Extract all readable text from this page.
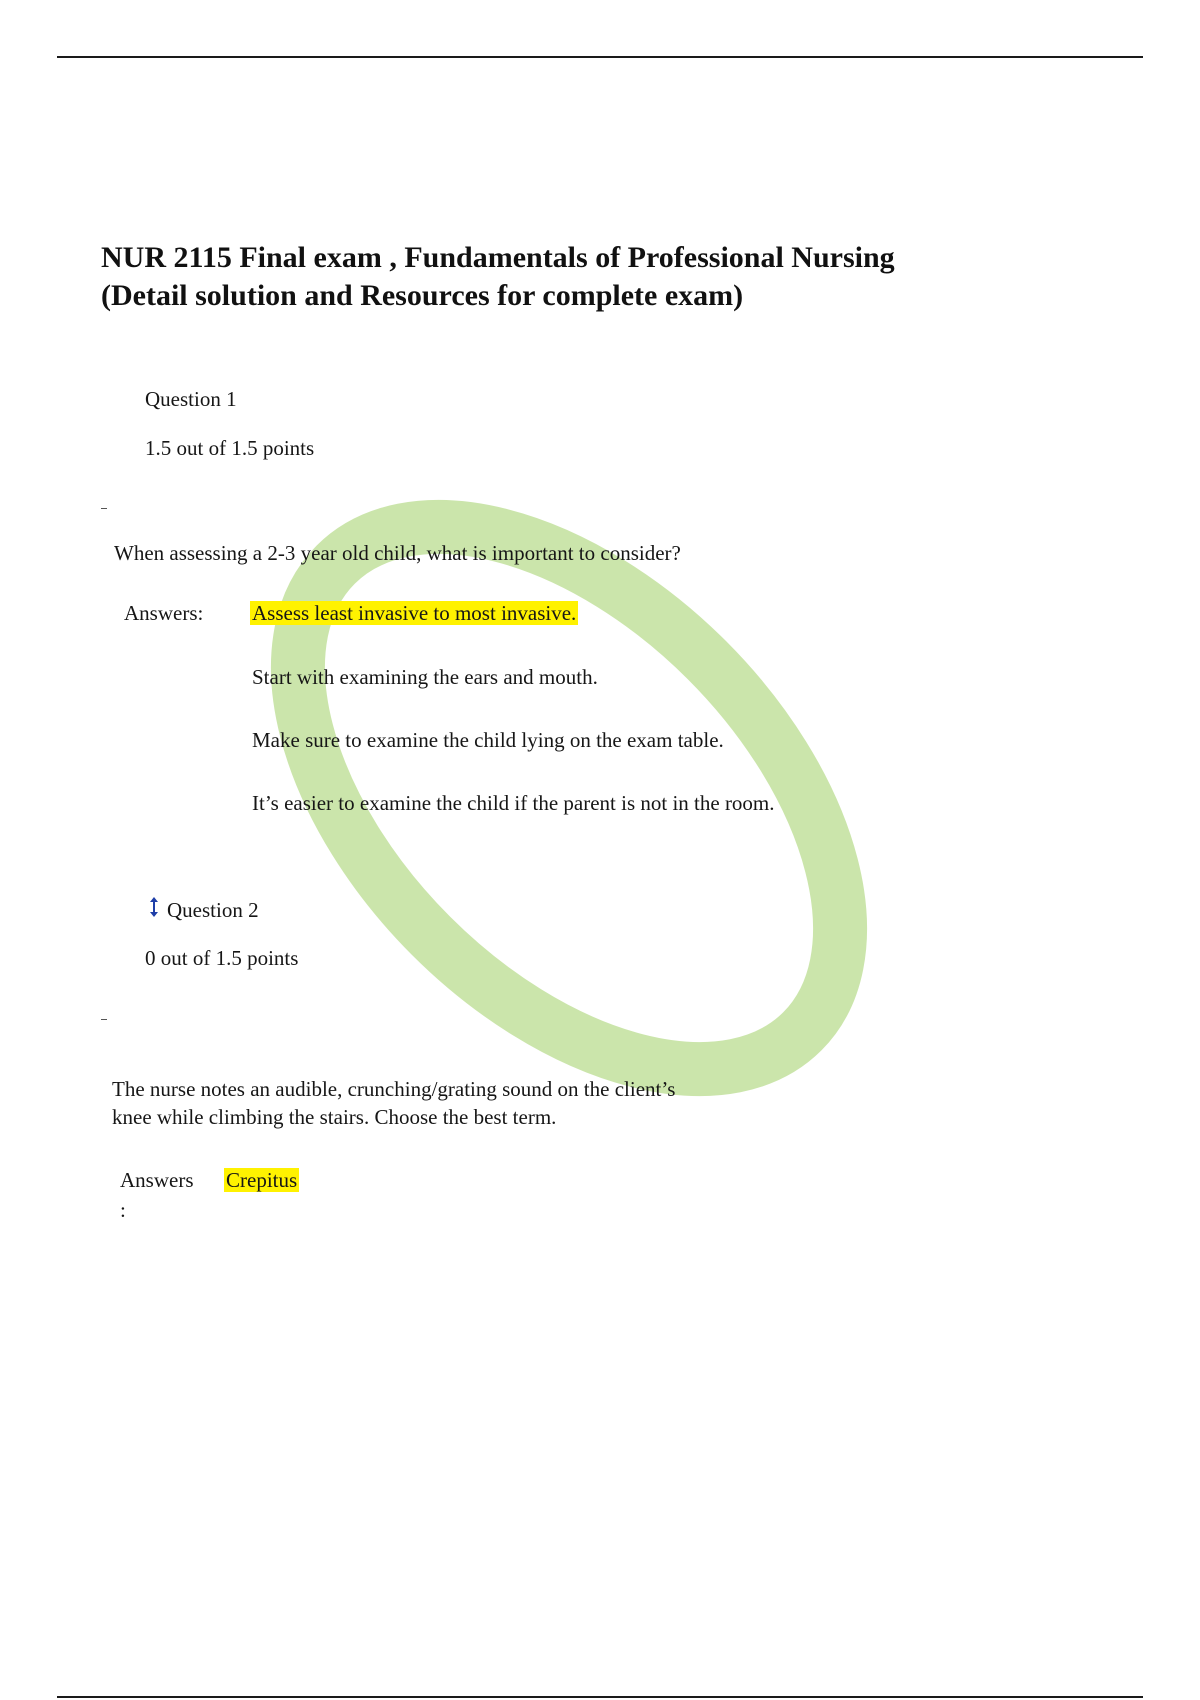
NUR 2115 Final exam , Fundamentals of Professional Nursing
(Detail solution and Resources for complete exam)
Question 1
1.5 out of 1.5 points
When assessing a 2-3 year old child, what is important to consider?
Answers: Assess least invasive to most invasive.
Start with examining the ears and mouth.
Make sure to examine the child lying on the exam table.
It’s easier to examine the child if the parent is not in the room.
Question 2
0 out of 1.5 points
The nurse notes an audible, crunching/grating sound on the client’s
knee while climbing the stairs. Choose the best term.
Answers
:
Crepitus
